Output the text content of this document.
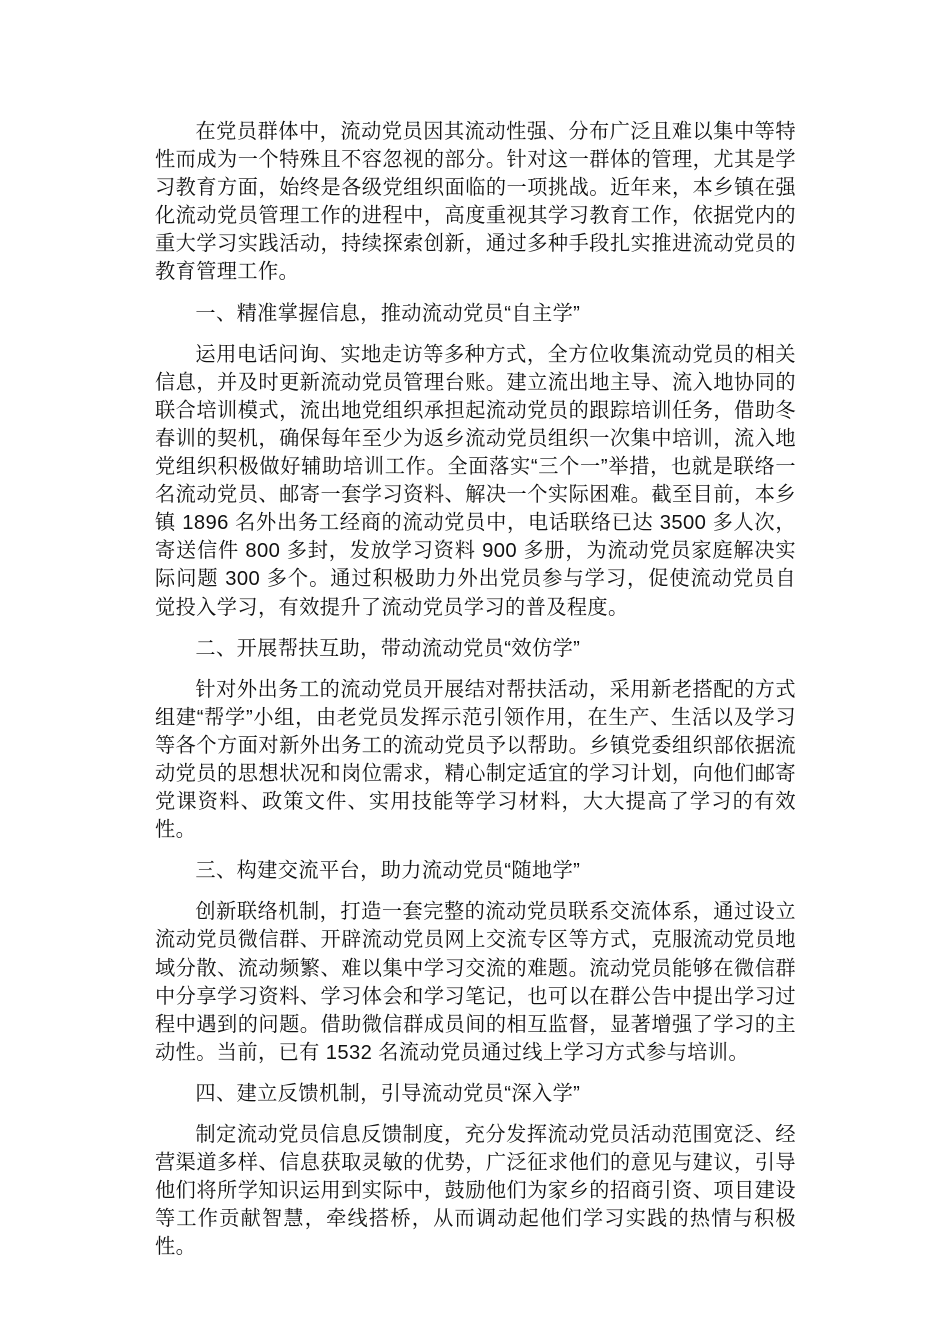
在党员群体中，流动党员因其流动性强、分布广泛且难以集中等特性而成为一个特殊且不容忽视的部分。针对这一群体的管理，尤其是学习教育方面，始终是各级党组织面临的一项挑战。近年来，本乡镇在强化流动党员管理工作的进程中，高度重视其学习教育工作，依据党内的重大学习实践活动，持续探索创新，通过多种手段扎实推进流动党员的教育管理工作。

一、精准掌握信息，推动流动党员“自主学”

运用电话问询、实地走访等多种方式，全方位收集流动党员的相关信息，并及时更新流动党员管理台账。建立流出地主导、流入地协同的联合培训模式，流出地党组织承担起流动党员的跟踪培训任务，借助冬春训的契机，确保每年至少为返乡流动党员组织一次集中培训，流入地党组织积极做好辅助培训工作。全面落实“三个一”举措，也就是联络一名流动党员、邮寄一套学习资料、解决一个实际困难。截至目前，本乡镇 1896 名外出务工经商的流动党员中，电话联络已达 3500 多人次，寄送信件 800 多封，发放学习资料 900 多册，为流动党员家庭解决实际问题 300 多个。通过积极助力外出党员参与学习，促使流动党员自觉投入学习，有效提升了流动党员学习的普及程度。

二、开展帮扶互助，带动流动党员“效仿学”

针对外出务工的流动党员开展结对帮扶活动，采用新老搭配的方式组建“帮学”小组，由老党员发挥示范引领作用，在生产、生活以及学习等各个方面对新外出务工的流动党员予以帮助。乡镇党委组织部依据流动党员的思想状况和岗位需求，精心制定适宜的学习计划，向他们邮寄党课资料、政策文件、实用技能等学习材料，大大提高了学习的有效性。

三、构建交流平台，助力流动党员“随地学”

创新联络机制，打造一套完整的流动党员联系交流体系，通过设立流动党员微信群、开辟流动党员网上交流专区等方式，克服流动党员地域分散、流动频繁、难以集中学习交流的难题。流动党员能够在微信群中分享学习资料、学习体会和学习笔记，也可以在群公告中提出学习过程中遇到的问题。借助微信群成员间的相互监督，显著增强了学习的主动性。当前，已有 1532 名流动党员通过线上学习方式参与培训。

四、建立反馈机制，引导流动党员“深入学”

制定流动党员信息反馈制度，充分发挥流动党员活动范围宽泛、经营渠道多样、信息获取灵敏的优势，广泛征求他们的意见与建议，引导他们将所学知识运用到实际中，鼓励他们为家乡的招商引资、项目建设等工作贡献智慧，牵线搭桥，从而调动起他们学习实践的热情与积极性。
